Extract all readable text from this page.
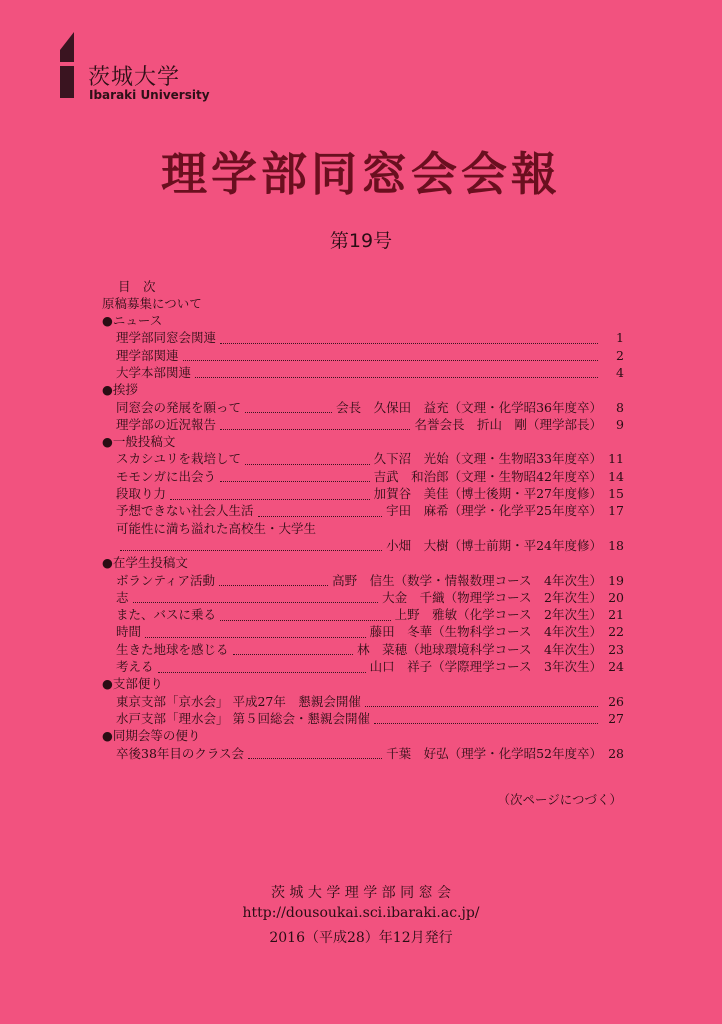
茨城大学
Ibaraki University
理学部同窓会会報
第19号
目　次
原稿募集について
●ニュース
理学部同窓会関連	1
理学部関連	2
大学本部関連	4
●挨拶
同窓会の発展を願って	会長　久保田　益充（文理・化学昭36年度卒）	8
理学部の近況報告	名誉会長　折山　剛（理学部長）	9
●一般投稿文
スカシユリを栽培して	久下沼　光始（文理・生物昭33年度卒） 11
モモンガに出会う	吉武　和治郎（文理・生物昭42年度卒） 14
段取り力	加賀谷　美佳（博士後期・平27年度修） 15
予想できない社会人生活	宇田　麻希（理学・化学平25年度卒） 17
可能性に満ち溢れた高校生・大学生
小畑　大樹（博士前期・平24年度修） 18
●在学生投稿文
ボランティア活動	高野　信生（数学・情報数理コース　4年次生） 19
志	大金　千織（物理学コース　2年次生） 20
また、バスに乗る	上野　雅敏（化学コース　2年次生） 21
時間	藤田　冬華（生物科学コース　4年次生） 22
生きた地球を感じる	林　菜穂（地球環境科学コース　4年次生） 23
考える	山口　祥子（学際理学コース　3年次生） 24
●支部便り
東京支部「京水会」 平成27年　懇親会開催	26
水戸支部「理水会」 第５回総会・懇親会開催	27
●同期会等の便り
卒後38年目のクラス会	千葉　好弘（理学・化学昭52年度卒） 28
（次ページにつづく）
茨 城 大 学 理 学 部 同 窓 会
http://dousoukai.sci.ibaraki.ac.jp/
2016（平成28）年12月発行
